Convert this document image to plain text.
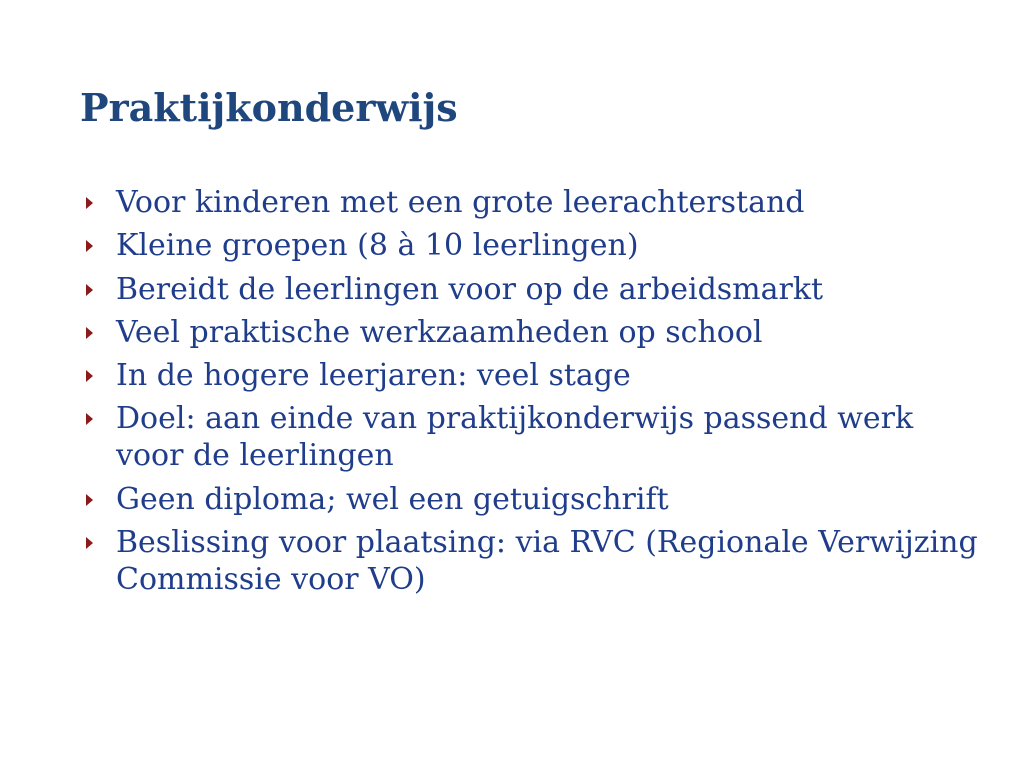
Praktijkonderwijs
Voor kinderen met een grote leerachterstand
Kleine groepen (8 à 10 leerlingen)
Bereidt de leerlingen voor op de arbeidsmarkt
Veel praktische werkzaamheden op school
In de hogere leerjaren: veel stage
Doel: aan einde van praktijkonderwijs passend werk voor de leerlingen
Geen diploma; wel een getuigschrift
Beslissing voor plaatsing: via RVC (Regionale Verwijzing Commissie voor VO)
